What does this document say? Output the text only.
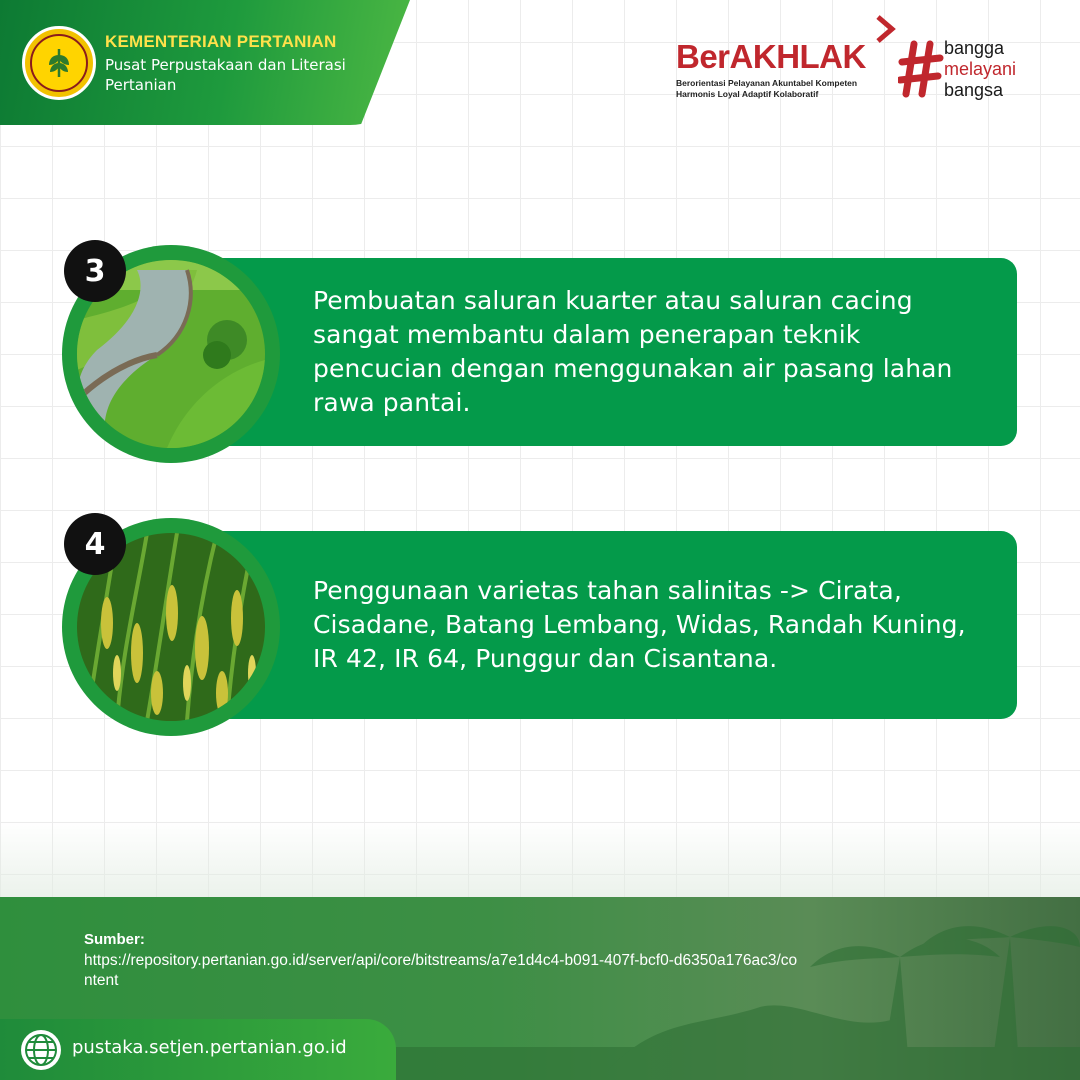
KEMENTERIAN PERTANIAN
Pusat Perpustakaan dan Literasi Pertanian
BerAKHLAK
Berorientasi Pelayanan Akuntabel Kompeten
Harmonis Loyal Adaptif Kolaboratif
bangga
melayani
bangsa
Pembuatan saluran kuarter atau saluran cacing sangat membantu dalam penerapan teknik pencucian dengan menggunakan air pasang lahan rawa pantai.
3
Penggunaan varietas tahan salinitas -> Cirata, Cisadane, Batang Lembang, Widas, Randah Kuning, IR 42, IR 64, Punggur dan Cisantana.
4
Sumber:
https://repository.pertanian.go.id/server/api/core/bitstreams/a7e1d4c4-b091-407f-bcf0-d6350a176ac3/content
pustaka.setjen.pertanian.go.id
